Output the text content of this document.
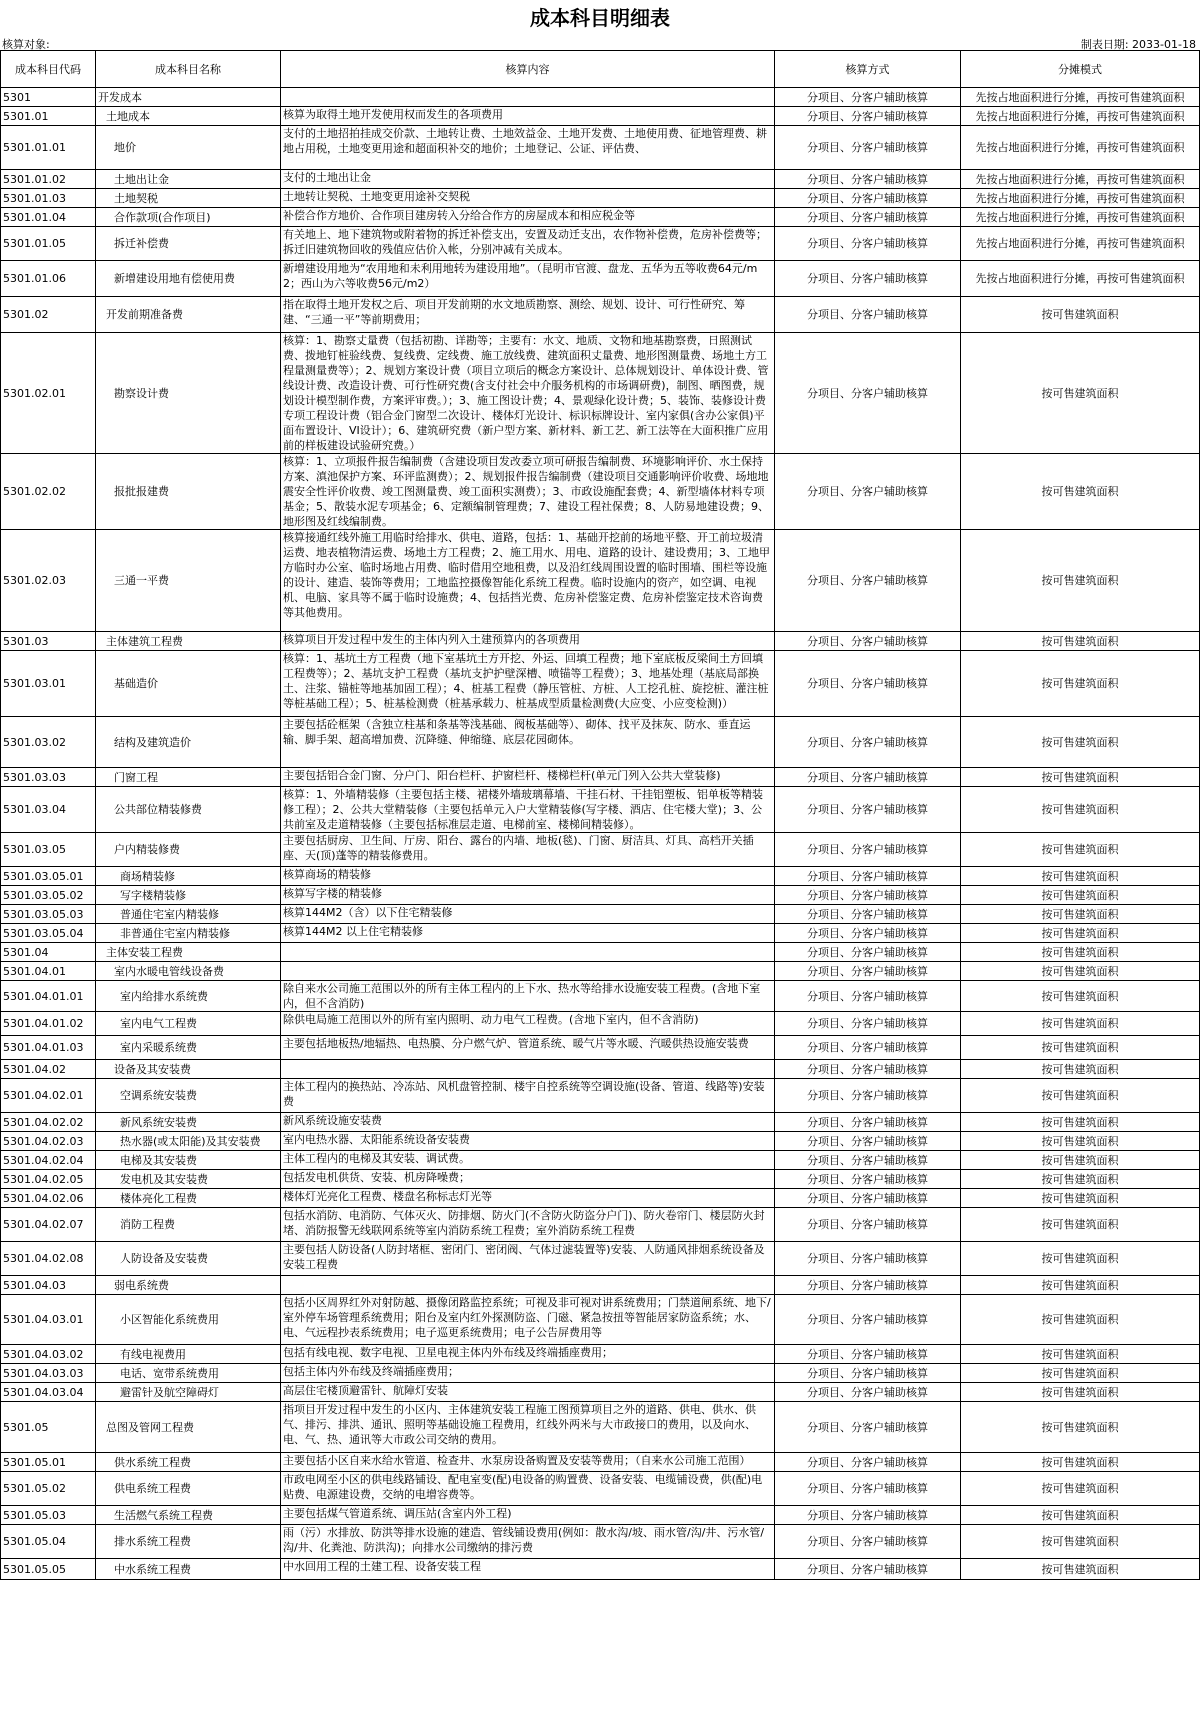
成本科目明细表
核算对象:	制表日期: 2033-01-18
成本科目代码	成本科目名称	核算内容	核算方式	分摊模式
5301	开发成本		分项目、分客户辅助核算	先按占地面积进行分摊，再按可售建筑面积
5301.01	土地成本	核算为取得土地开发使用权而发生的各项费用	分项目、分客户辅助核算	先按占地面积进行分摊，再按可售建筑面积
5301.01.01	地价	支付的土地招拍挂成交价款、土地转让费、土地效益金、土地开发费、土地使用费、征地管理费、耕地占用税，土地变更用途和超面积补交的地价；土地登记、公证、评估费、	分项目、分客户辅助核算	先按占地面积进行分摊，再按可售建筑面积
5301.01.02	土地出让金	支付的土地出让金	分项目、分客户辅助核算	先按占地面积进行分摊，再按可售建筑面积
5301.01.03	土地契税	土地转让契税、土地变更用途补交契税	分项目、分客户辅助核算	先按占地面积进行分摊，再按可售建筑面积
5301.01.04	合作款项(合作项目)	补偿合作方地价、合作项目建房转入分给合作方的房屋成本和相应税金等	分项目、分客户辅助核算	先按占地面积进行分摊，再按可售建筑面积
5301.01.05	拆迁补偿费	有关地上、地下建筑物或附着物的拆迁补偿支出，安置及动迁支出，农作物补偿费，危房补偿费等；拆迁旧建筑物回收的残值应估价入帐，分别冲减有关成本。	分项目、分客户辅助核算	先按占地面积进行分摊，再按可售建筑面积
5301.01.06	新增建设用地有偿使用费	新增建设用地为“农用地和未利用地转为建设用地”。（昆明市官渡、盘龙、五华为五等收费64元/m2；西山为六等收费56元/m2）	分项目、分客户辅助核算	先按占地面积进行分摊，再按可售建筑面积
5301.02	开发前期准备费	指在取得土地开发权之后、项目开发前期的水文地质勘察、测绘、规划、设计、可行性研究、筹建、“三通一平”等前期费用；	分项目、分客户辅助核算	按可售建筑面积
5301.02.01	勘察设计费	核算：1、勘察丈量费（包括初勘、详勘等；主要有：水文、地质、文物和地基勘察费，日照测试费、拨地钉桩验线费、复线费、定线费、施工放线费、建筑面积丈量费、地形图测量费、场地土方工程量测量费等）；2、规划方案设计费（项目立项后的概念方案设计、总体规划设计、单体设计费、管线设计费、改造设计费、可行性研究费(含支付社会中介服务机构的市场调研费)，制图、晒图费，规划设计模型制作费，方案评审费。）；3、施工图设计费；4、景观绿化设计费；5、装饰、装修设计费专项工程设计费（铝合金门窗型二次设计、楼体灯光设计、标识标牌设计、室内家俱(含办公家俱)平面布置设计、VI设计）；6、建筑研究费（新户型方案、新材料、新工艺、新工法等在大面积推广应用前的样板建设试验研究费。）	分项目、分客户辅助核算	按可售建筑面积
5301.02.02	报批报建费	核算：1、立项报件报告编制费（含建设项目发改委立项可研报告编制费、环境影响评价、水土保持方案、滇池保护方案、环评监测费）；2、规划报件报告编制费（建设项目交通影响评价收费、场地地震安全性评价收费、竣工图测量费、竣工面积实测费）；3、市政设施配套费；4、新型墙体材料专项基金；5、散装水泥专项基金；6、定额编制管理费；7、建设工程社保费；8、人防易地建设费；9、地形图及红线编制费。	分项目、分客户辅助核算	按可售建筑面积
5301.02.03	三通一平费	核算接通红线外施工用临时给排水、供电、道路，包括：1、基础开挖前的场地平整、开工前垃圾清运费、地表植物清运费、场地土方工程费；2、施工用水、用电、道路的设计、建设费用；3、工地甲方临时办公室、临时场地占用费、临时借用空地租费，以及沿红线周围设置的临时围墙、围栏等设施的设计、建造、装饰等费用；工地监控摄像智能化系统工程费。临时设施内的资产，如空调、电视机、电脑、家具等不属于临时设施费；4、包括挡光费、危房补偿鉴定费、危房补偿鉴定技术咨询费等其他费用。	分项目、分客户辅助核算	按可售建筑面积
5301.03	主体建筑工程费	核算项目开发过程中发生的主体内列入土建预算内的各项费用	分项目、分客户辅助核算	按可售建筑面积
5301.03.01	基础造价	核算：1、基坑土方工程费（地下室基坑土方开挖、外运、回填工程费；地下室底板反梁间土方回填工程费等）；2、基坑支护工程费（基坑支护护壁深槽、喷锚等工程费）；3、地基处理（基底局部换土、注浆、锚桩等地基加固工程）；4、桩基工程费（静压管桩、方桩、人工挖孔桩、旋挖桩、灌注桩等桩基础工程）；5、桩基检测费（桩基承载力、桩基成型质量检测费(大应变、小应变检测)）	分项目、分客户辅助核算	按可售建筑面积
5301.03.02	结构及建筑造价	主要包括砼框架（含独立柱基和条基等浅基础、阀板基础等）、砌体、找平及抹灰、防水、垂直运输、脚手架、超高增加费、沉降缝、伸缩缝、底层花园砌体。	分项目、分客户辅助核算	按可售建筑面积
5301.03.03	门窗工程	主要包括铝合金门窗、分户门、阳台栏杆、护窗栏杆、楼梯栏杆(单元门列入公共大堂装修)	分项目、分客户辅助核算	按可售建筑面积
5301.03.04	公共部位精装修费	核算：1、外墙精装修（主要包括主楼、裙楼外墙玻璃幕墙、干挂石材、干挂铝塑板、铝单板等精装修工程）；2、公共大堂精装修（主要包括单元入户大堂精装修(写字楼、酒店、住宅楼大堂)；3、公共前室及走道精装修（主要包括标准层走道、电梯前室、楼梯间精装修）。	分项目、分客户辅助核算	按可售建筑面积
5301.03.05	户内精装修费	主要包括厨房、卫生间、厅房、阳台、露台的内墙、地板(毯)、门窗、厨洁具、灯具、高档开关插座、天(顶)蓬等的精装修费用。	分项目、分客户辅助核算	按可售建筑面积
5301.03.05.01	商场精装修	核算商场的精装修	分项目、分客户辅助核算	按可售建筑面积
5301.03.05.02	写字楼精装修	核算写字楼的精装修	分项目、分客户辅助核算	按可售建筑面积
5301.03.05.03	普通住宅室内精装修	核算144M2（含）以下住宅精装修	分项目、分客户辅助核算	按可售建筑面积
5301.03.05.04	非普通住宅室内精装修	核算144M2 以上住宅精装修	分项目、分客户辅助核算	按可售建筑面积
5301.04	主体安装工程费		分项目、分客户辅助核算	按可售建筑面积
5301.04.01	室内水暖电管线设备费		分项目、分客户辅助核算	按可售建筑面积
5301.04.01.01	室内给排水系统费	除自来水公司施工范围以外的所有主体工程内的上下水、热水等给排水设施安装工程费。(含地下室内，但不含消防)	分项目、分客户辅助核算	按可售建筑面积
5301.04.01.02	室内电气工程费	除供电局施工范围以外的所有室内照明、动力电气工程费。(含地下室内，但不含消防)	分项目、分客户辅助核算	按可售建筑面积
5301.04.01.03	室内采暖系统费	主要包括地板热/地辐热、电热膜、分户燃气炉、管道系统、暖气片等水暖、汽暖供热设施安装费	分项目、分客户辅助核算	按可售建筑面积
5301.04.02	设备及其安装费		分项目、分客户辅助核算	按可售建筑面积
5301.04.02.01	空调系统安装费	主体工程内的换热站、冷冻站、风机盘管控制、楼宇自控系统等空调设施(设备、管道、线路等)安装费	分项目、分客户辅助核算	按可售建筑面积
5301.04.02.02	新风系统安装费	新风系统设施安装费	分项目、分客户辅助核算	按可售建筑面积
5301.04.02.03	热水器(或太阳能)及其安装费	室内电热水器、太阳能系统设备安装费	分项目、分客户辅助核算	按可售建筑面积
5301.04.02.04	电梯及其安装费	主体工程内的电梯及其安装、调试费。	分项目、分客户辅助核算	按可售建筑面积
5301.04.02.05	发电机及其安装费	包括发电机供货、安装、机房降噪费；	分项目、分客户辅助核算	按可售建筑面积
5301.04.02.06	楼体亮化工程费	楼体灯光亮化工程费、楼盘名称标志灯光等	分项目、分客户辅助核算	按可售建筑面积
5301.04.02.07	消防工程费	包括水消防、电消防、气体灭火、防排烟、防火门(不含防火防盗分户门)、防火卷帘门、楼层防火封堵、消防报警无线联网系统等室内消防系统工程费；室外消防系统工程费	分项目、分客户辅助核算	按可售建筑面积
5301.04.02.08	人防设备及安装费	主要包括人防设备(人防封堵框、密闭门、密闭阀、气体过滤装置等)安装、人防通风排烟系统设备及安装工程费	分项目、分客户辅助核算	按可售建筑面积
5301.04.03	弱电系统费		分项目、分客户辅助核算	按可售建筑面积
5301.04.03.01	小区智能化系统费用	包括小区周界红外对射防越、摄像闭路监控系统；可视及非可视对讲系统费用；门禁道闸系统、地下/室外停车场管理系统费用；阳台及室内红外探测防盗、门磁、紧急按扭等智能居家防盗系统；水、电、气远程抄表系统费用；电子巡更系统费用；电子公告屏费用等	分项目、分客户辅助核算	按可售建筑面积
5301.04.03.02	有线电视费用	包括有线电视、数字电视、卫星电视主体内外布线及终端插座费用；	分项目、分客户辅助核算	按可售建筑面积
5301.04.03.03	电话、宽带系统费用	包括主体内外布线及终端插座费用；	分项目、分客户辅助核算	按可售建筑面积
5301.04.03.04	避雷针及航空障碍灯	高层住宅楼顶避雷针、航障灯安装	分项目、分客户辅助核算	按可售建筑面积
5301.05	总图及管网工程费	指项目开发过程中发生的小区内、主体建筑安装工程施工图预算项目之外的道路、供电、供水、供气、排污、排洪、通讯、照明等基础设施工程费用，红线外两米与大市政接口的费用，以及向水、电、气、热、通讯等大市政公司交纳的费用。	分项目、分客户辅助核算	按可售建筑面积
5301.05.01	供水系统工程费	主要包括小区自来水给水管道、检查井、水泵房设备购置及安装等费用；（自来水公司施工范围）	分项目、分客户辅助核算	按可售建筑面积
5301.05.02	供电系统工程费	市政电网至小区的供电线路铺设、配电室变(配)电设备的购置费、设备安装、电缆铺设费，供(配)电贴费、电源建设费，交纳的电增容费等。	分项目、分客户辅助核算	按可售建筑面积
5301.05.03	生活燃气系统工程费	主要包括煤气管道系统、调压站(含室内外工程)	分项目、分客户辅助核算	按可售建筑面积
5301.05.04	排水系统工程费	雨（污）水排放、防洪等排水设施的建造、管线铺设费用(例如：散水沟/坡、雨水管/沟/井、污水管/沟/井、化粪池、防洪沟)；向排水公司缴纳的排污费	分项目、分客户辅助核算	按可售建筑面积
5301.05.05	中水系统工程费	中水回用工程的土建工程、设备安装工程	分项目、分客户辅助核算	按可售建筑面积
